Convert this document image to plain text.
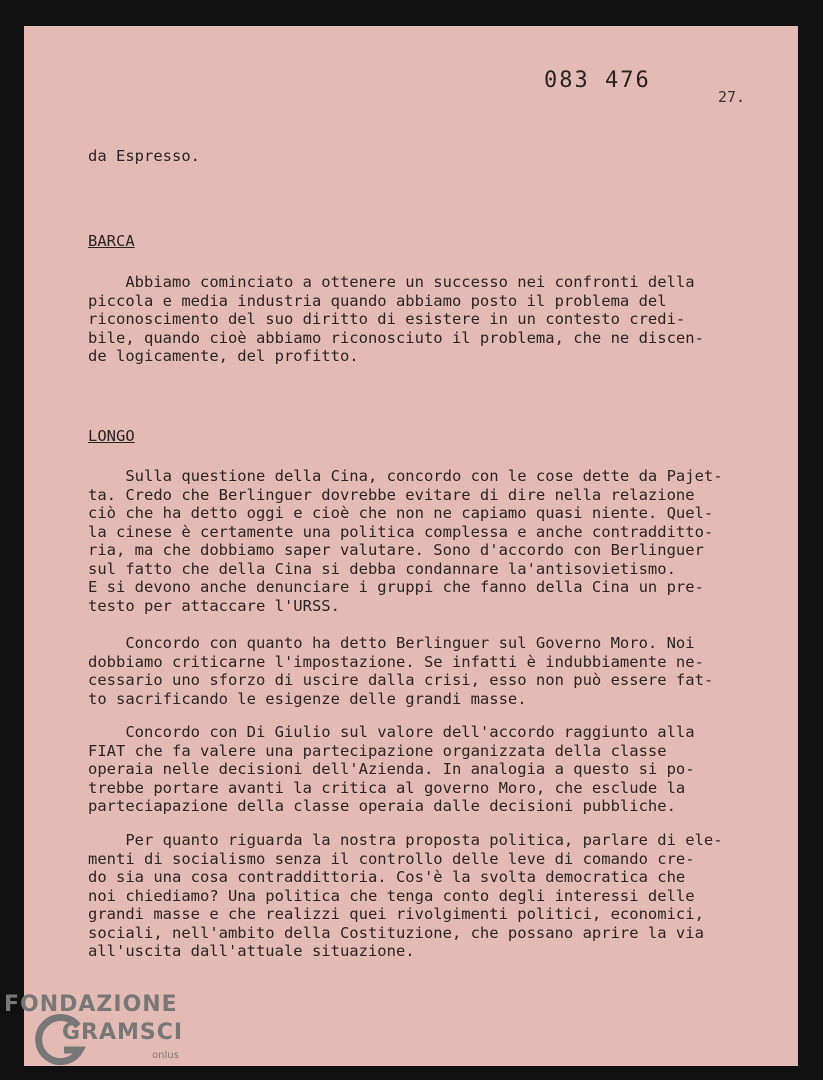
083 476
27.
da Espresso.
BARCA
Abbiamo cominciato a ottenere un successo nei confronti della
piccola e media industria quando abbiamo posto il problema del
riconoscimento del suo diritto di esistere in un contesto credi-
bile, quando cioè abbiamo riconosciuto il problema, che ne discen-
de logicamente, del profitto.
LONGO
Sulla questione della Cina, concordo con le cose dette da Pajet-
ta. Credo che Berlinguer dovrebbe evitare di dire nella relazione
ciò che ha detto oggi e cioè che non ne capiamo quasi niente. Quel-
la cinese è certamente una politica complessa e anche contradditto-
ria, ma che dobbiamo saper valutare. Sono d'accordo con Berlinguer
sul fatto che della Cina si debba condannare la'antisovietismo.
E si devono anche denunciare i gruppi che fanno della Cina un pre-
testo per attaccare l'URSS.
Concordo con quanto ha detto Berlinguer sul Governo Moro. Noi
dobbiamo criticarne l'impostazione. Se infatti è indubbiamente ne-
cessario uno sforzo di uscire dalla crisi, esso non può essere fat-
to sacrificando le esigenze delle grandi masse.
Concordo con Di Giulio sul valore dell'accordo raggiunto alla
FIAT che fa valere una partecipazione organizzata della classe
operaia nelle decisioni dell'Azienda. In analogia a questo si po-
trebbe portare avanti la critica al governo Moro, che esclude la
parteciapazione della classe operaia dalle decisioni pubbliche.
Per quanto riguarda la nostra proposta politica, parlare di ele-
menti di socialismo senza il controllo delle leve di comando cre-
do sia una cosa contraddittoria. Cos'è la svolta democratica che
noi chiediamo? Una politica che tenga conto degli interessi delle
grandi masse e che realizzi quei rivolgimenti politici, economici,
sociali, nell'ambito della Costituzione, che possano aprire la via
all'uscita dall'attuale situazione.
FONDAZIONE
GRAMSCI
onlus
